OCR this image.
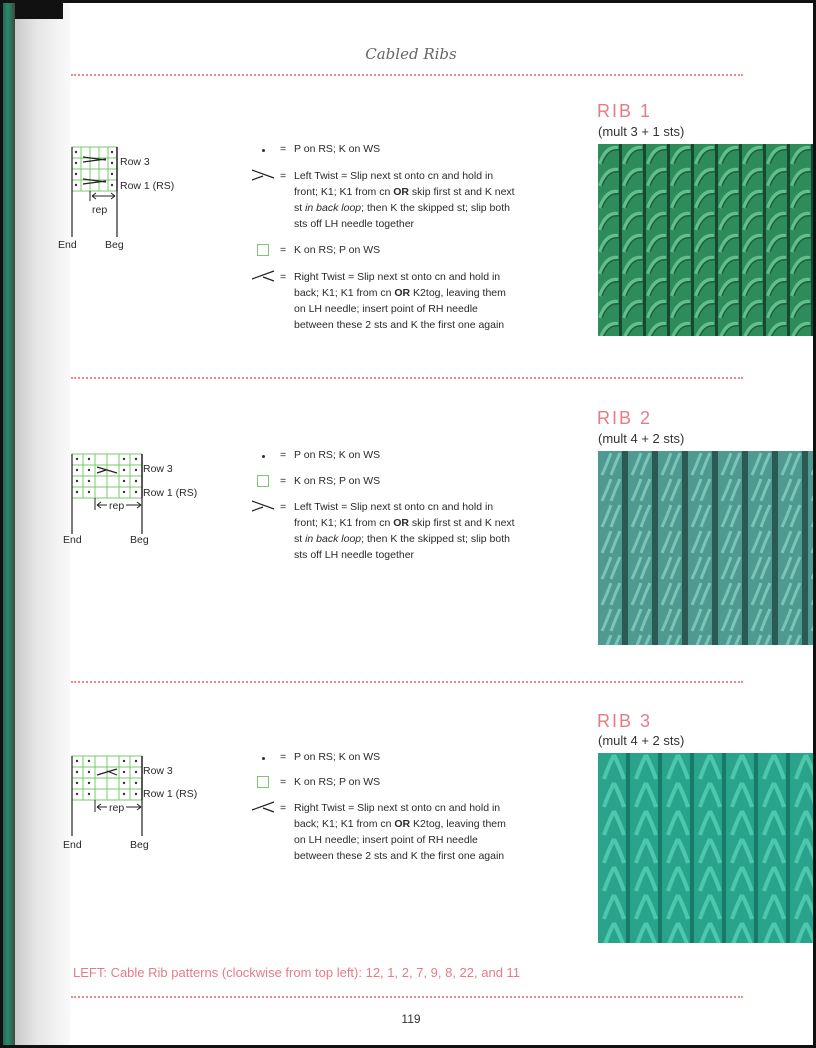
Cabled Ribs
RIB 1
(mult 3 + 1 sts)
Row 3
Row 1 (RS)
rep
End	Beg
= P on RS; K on WS
= Left Twist = Slip next st onto cn and hold in front; K1; K1 from cn OR skip first st and K next st in back loop; then K the skipped st; slip both sts off LH needle together
= K on RS; P on WS
= Right Twist = Slip next st onto cn and hold in back; K1; K1 from cn OR K2tog, leaving them on LH needle; insert point of RH needle between these 2 sts and K the first one again
RIB 2
(mult 4 + 2 sts)
Row 3
Row 1 (RS)
rep
End	Beg
= P on RS; K on WS
= K on RS; P on WS
= Left Twist = Slip next st onto cn and hold in front; K1; K1 from cn OR skip first st and K next st in back loop; then K the skipped st; slip both sts off LH needle together
RIB 3
(mult 4 + 2 sts)
Row 3
Row 1 (RS)
rep
End	Beg
= P on RS; K on WS
= K on RS; P on WS
= Right Twist = Slip next st onto cn and hold in back; K1; K1 from cn OR K2tog, leaving them on LH needle; insert point of RH needle between these 2 sts and K the first one again
LEFT: Cable Rib patterns (clockwise from top left): 12, 1, 2, 7, 9, 8, 22, and 11
119
